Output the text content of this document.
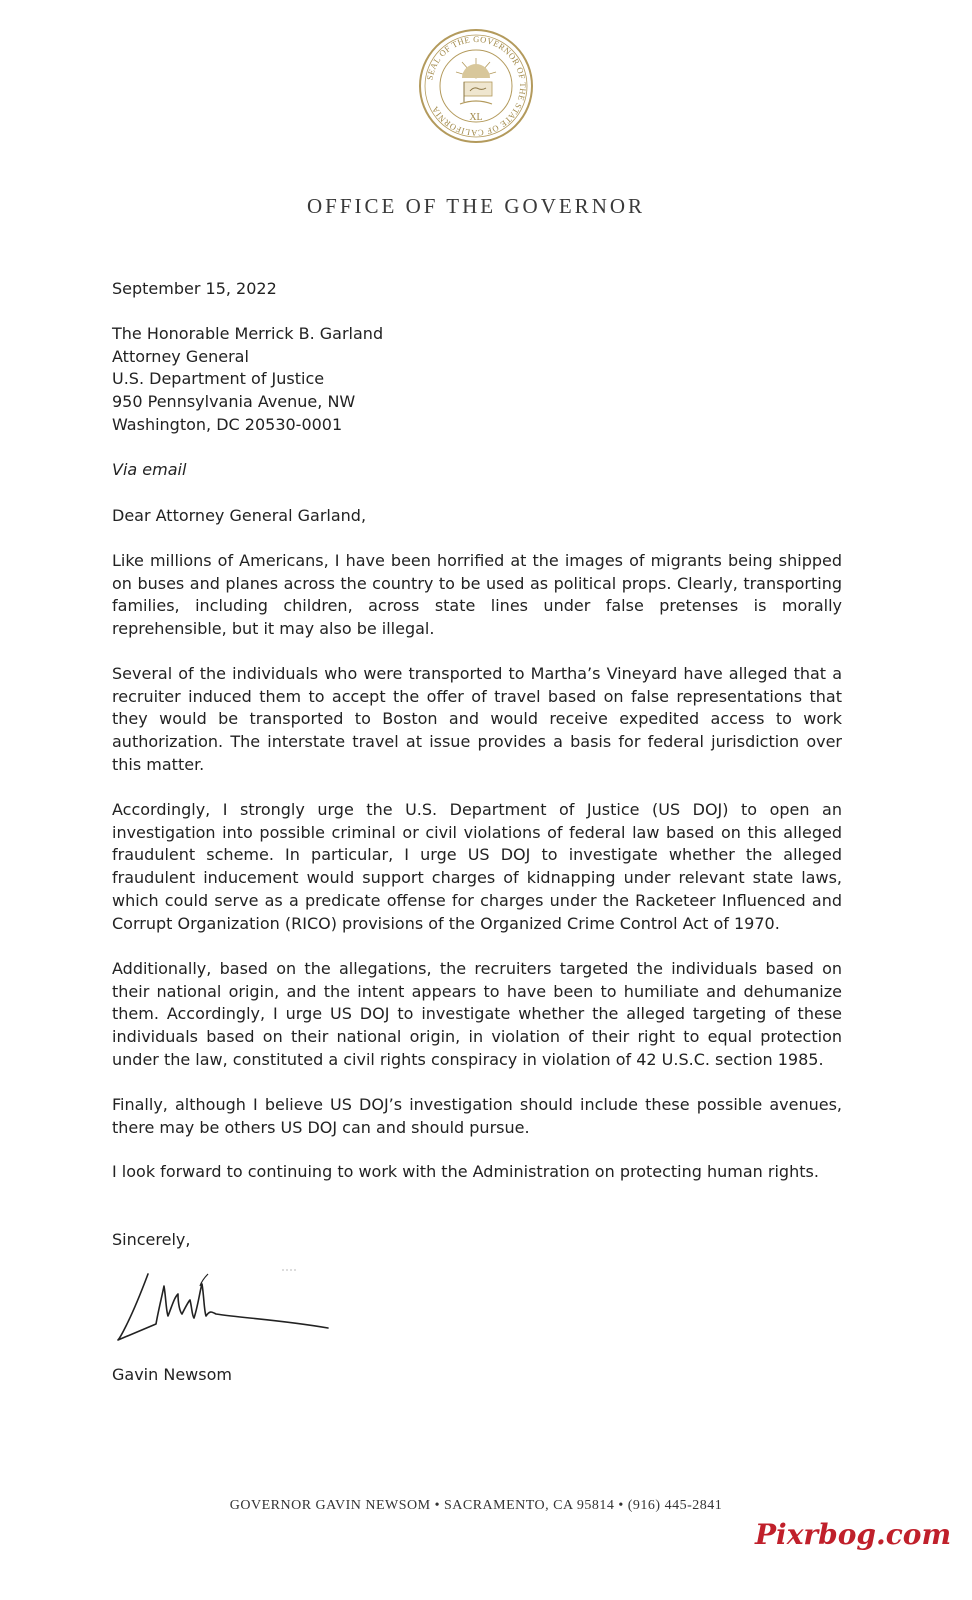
SEAL OF THE GOVERNOR OF THE STATE OF CALIFORNIA
XL
OFFICE OF THE GOVERNOR
September 15, 2022
The Honorable Merrick B. Garland
Attorney General
U.S. Department of Justice
950 Pennsylvania Avenue, NW
Washington, DC 20530-0001
Via email
Dear Attorney General Garland,
Like millions of Americans, I have been horrified at the images of migrants being shipped on buses and planes across the country to be used as political props. Clearly, transporting families, including children, across state lines under false pretenses is morally reprehensible, but it may also be illegal.
Several of the individuals who were transported to Martha’s Vineyard have alleged that a recruiter induced them to accept the offer of travel based on false representations that they would be transported to Boston and would receive expedited access to work authorization. The interstate travel at issue provides a basis for federal jurisdiction over this matter.
Accordingly, I strongly urge the U.S. Department of Justice (US DOJ) to open an investigation into possible criminal or civil violations of federal law based on this alleged fraudulent scheme. In particular, I urge US DOJ to investigate whether the alleged fraudulent inducement would support charges of kidnapping under relevant state laws, which could serve as a predicate offense for charges under the Racketeer Influenced and Corrupt Organization (RICO) provisions of the Organized Crime Control Act of 1970.
Additionally, based on the allegations, the recruiters targeted the individuals based on their national origin, and the intent appears to have been to humiliate and dehumanize them. Accordingly, I urge US DOJ to investigate whether the alleged targeting of these individuals based on their national origin, in violation of their right to equal protection under the law, constituted a civil rights conspiracy in violation of 42 U.S.C. section 1985.
Finally, although I believe US DOJ’s investigation should include these possible avenues, there may be others US DOJ can and should pursue.
I look forward to continuing to work with the Administration on protecting human rights.
Sincerely,
Gavin Newsom
GOVERNOR GAVIN NEWSOM • SACRAMENTO, CA 95814 • (916) 445-2841
Pixrbog.com
